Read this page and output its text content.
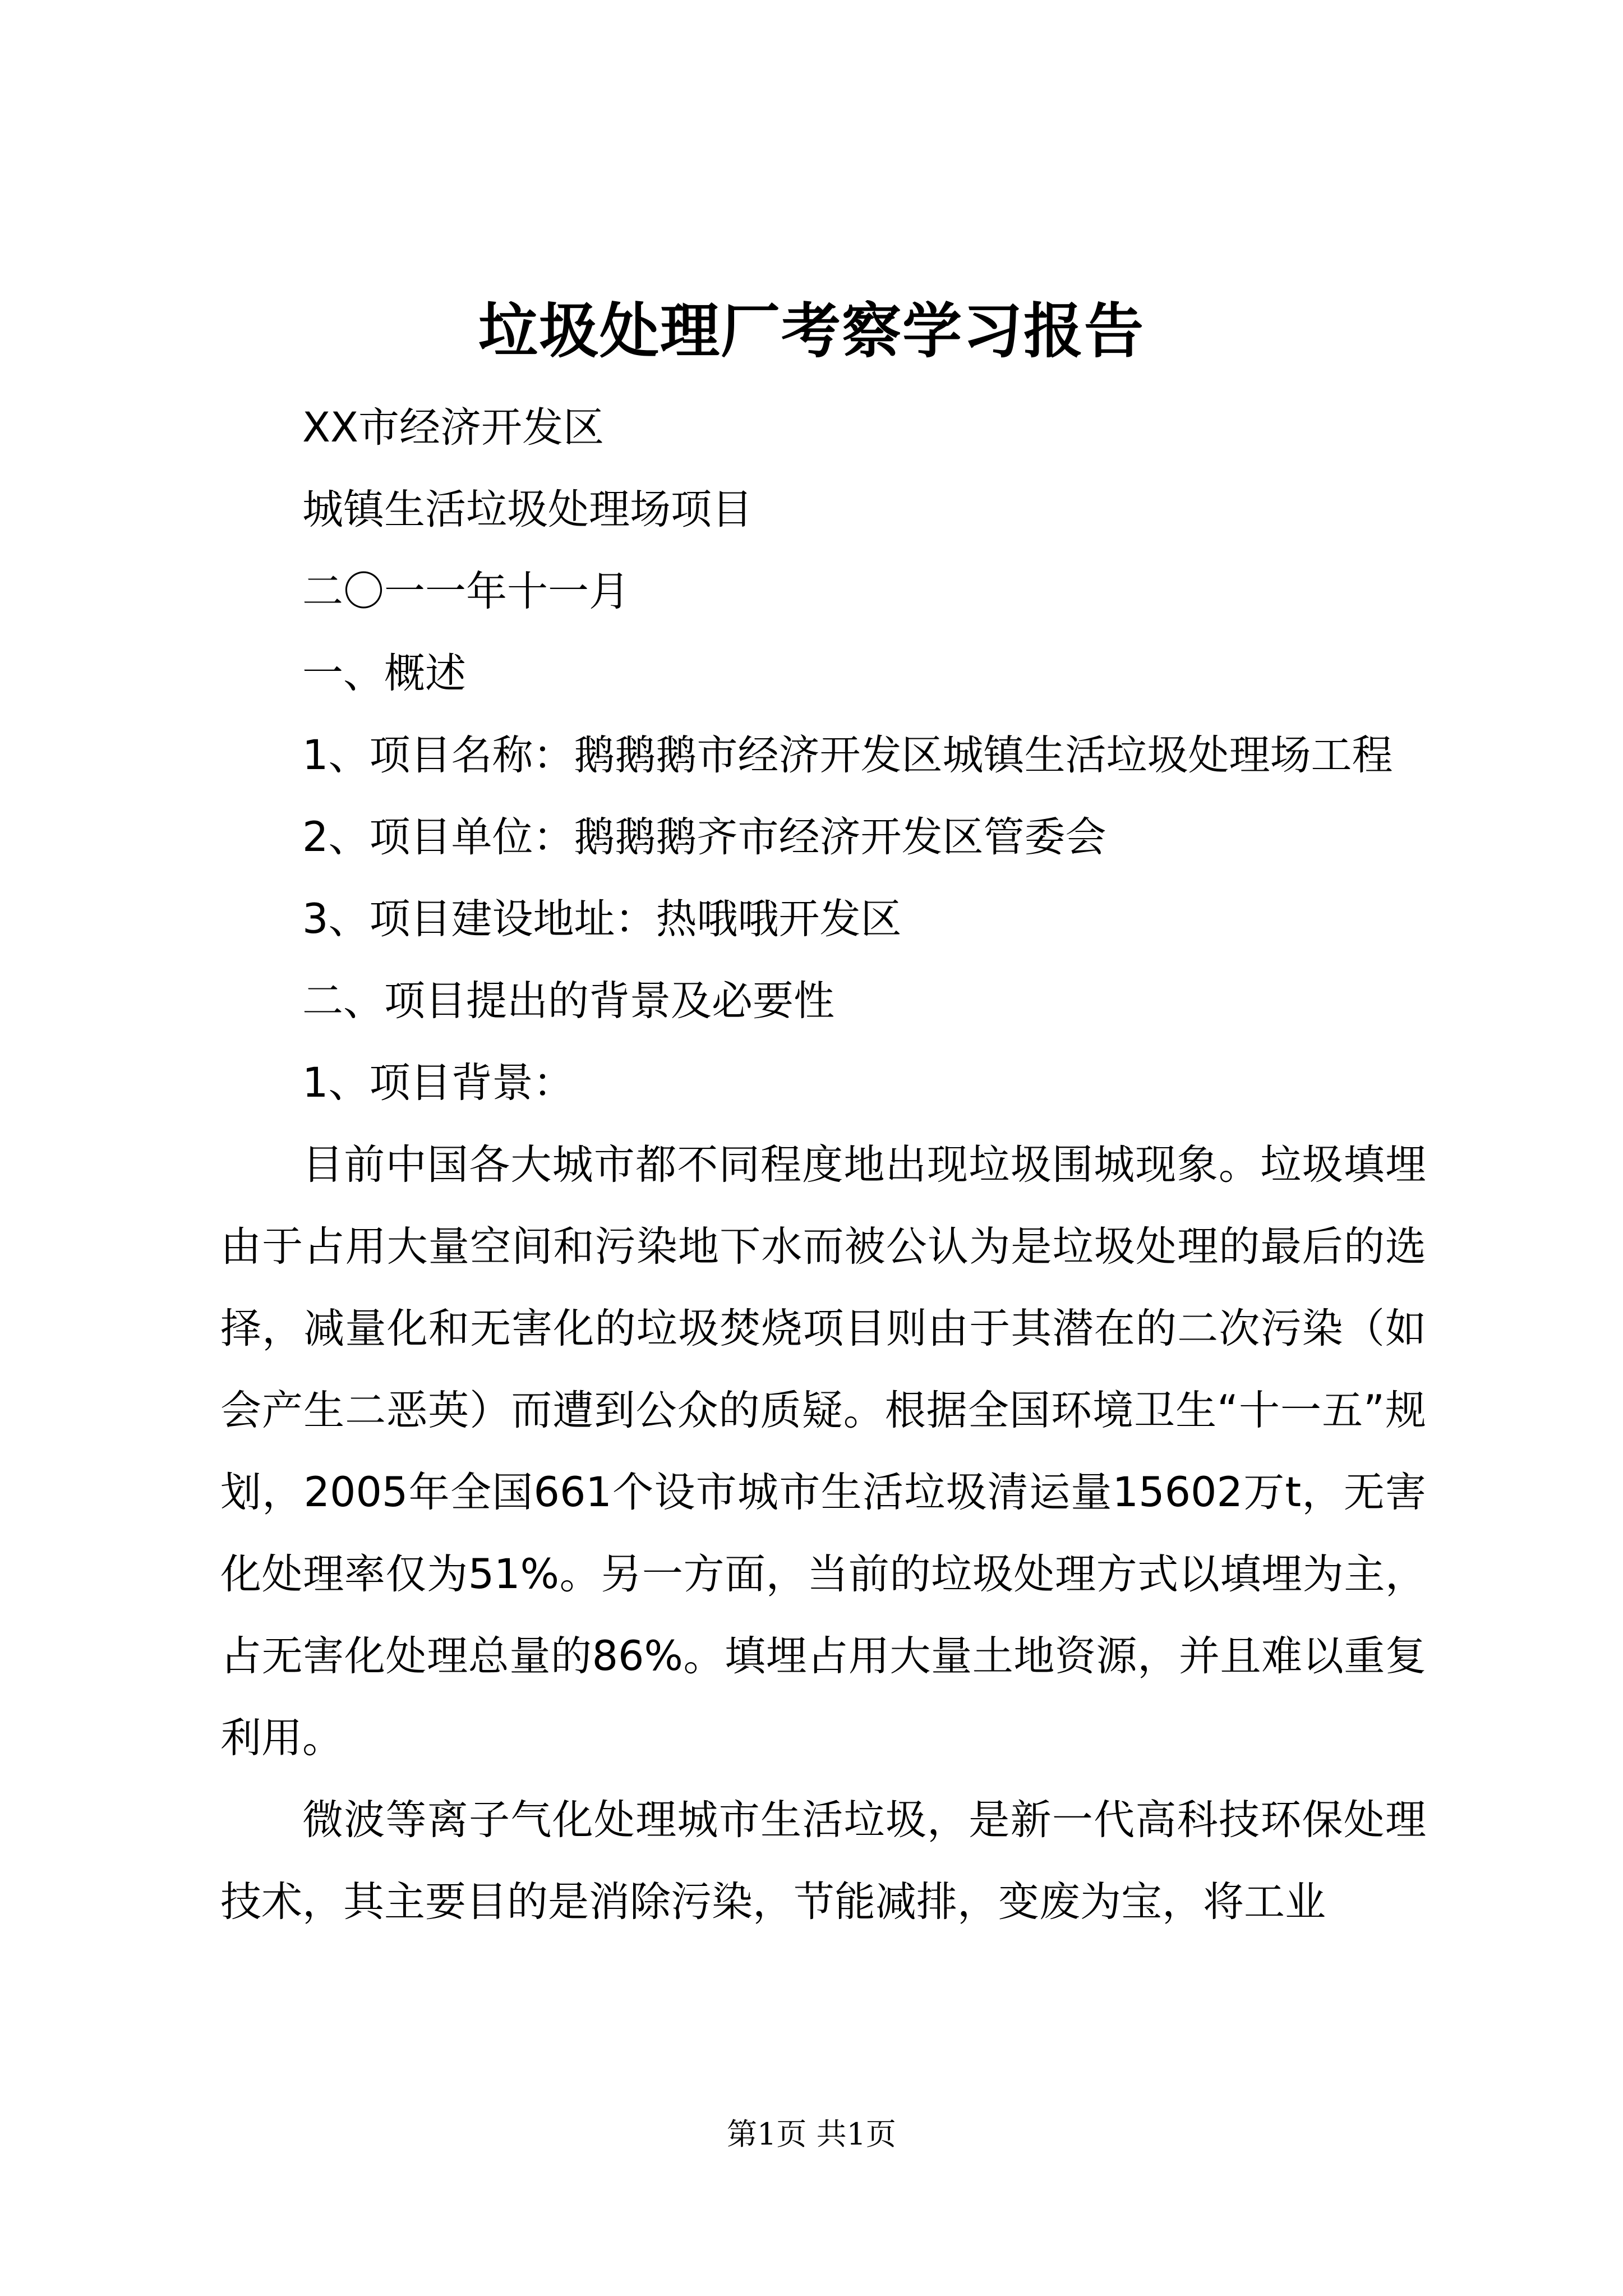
垃圾处理厂考察学习报告

XX市经济开发区

城镇生活垃圾处理场项目

二〇一一年十一月

一、概述

1、项目名称：鹅鹅鹅市经济开发区城镇生活垃圾处理场工程

2、项目单位：鹅鹅鹅齐市经济开发区管委会

3、项目建设地址：热哦哦开发区

二、项目提出的背景及必要性

1、项目背景：

目前中国各大城市都不同程度地出现垃圾围城现象。垃圾填埋由于占用大量空间和污染地下水而被公认为是垃圾处理的最后的选择，减量化和无害化的垃圾焚烧项目则由于其潜在的二次污染（如会产生二恶英）而遭到公众的质疑。根据全国环境卫生“十一五”规划，2005年全国661个设市城市生活垃圾清运量15602万t，无害化处理率仅为51%。另一方面，当前的垃圾处理方式以填埋为主，占无害化处理总量的86%。填埋占用大量土地资源，并且难以重复利用。

微波等离子气化处理城市生活垃圾，是新一代高科技环保处理技术，其主要目的是消除污染，节能减排，变废为宝，将工业

第1页 共1页
